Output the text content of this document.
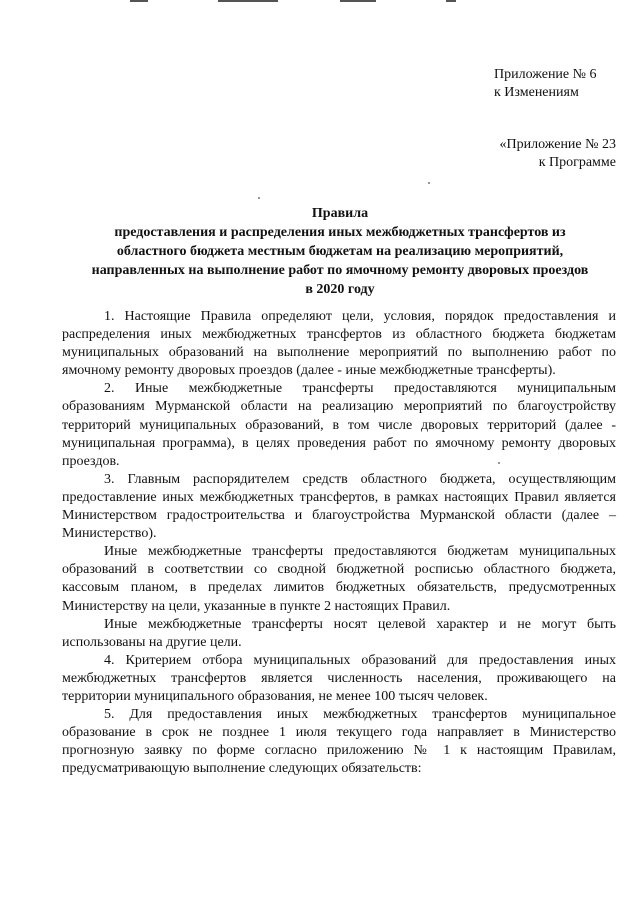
Приложение № 6
к Изменениям
«Приложение № 23
к Программе
Правила
предоставления и распределения иных межбюджетных трансфертов из
областного бюджета местным бюджетам на реализацию мероприятий,
направленных на выполнение работ по ямочному ремонту дворовых проездов
в 2020 году

1. Настоящие Правила определяют цели, условия, порядок предоставления и распределения иных межбюджетных трансфертов из областного бюджета бюджетам муниципальных образований на выполнение мероприятий по выполнению работ по ямочному ремонту дворовых проездов (далее - иные межбюджетные трансферты).

2. Иные межбюджетные трансферты предоставляются муниципальным образованиям Мурманской области на реализацию мероприятий по благоустройству территорий муниципальных образований, в том числе дворовых территорий (далее - муниципальная программа), в целях проведения работ по ямочному ремонту дворовых проездов.

3. Главным распорядителем средств областного бюджета, осуществляющим предоставление иных межбюджетных трансфертов, в рамках настоящих Правил является Министерством градостроительства и благоустройства Мурманской области (далее – Министерство).

Иные межбюджетные трансферты предоставляются бюджетам муниципальных образований в соответствии со сводной бюджетной росписью областного бюджета, кассовым планом, в пределах лимитов бюджетных обязательств, предусмотренных Министерству на цели, указанные в пункте 2 настоящих Правил.

Иные межбюджетные трансферты носят целевой характер и не могут быть использованы на другие цели.

4. Критерием отбора муниципальных образований для предоставления иных межбюджетных трансфертов является численность населения, проживающего на территории муниципального образования, не менее 100 тысяч человек.

5. Для предоставления иных межбюджетных трансфертов муниципальное образование в срок не позднее 1 июля текущего года направляет в Министерство прогнозную заявку по форме согласно приложению № 1 к настоящим Правилам, предусматривающую выполнение следующих обязательств:
